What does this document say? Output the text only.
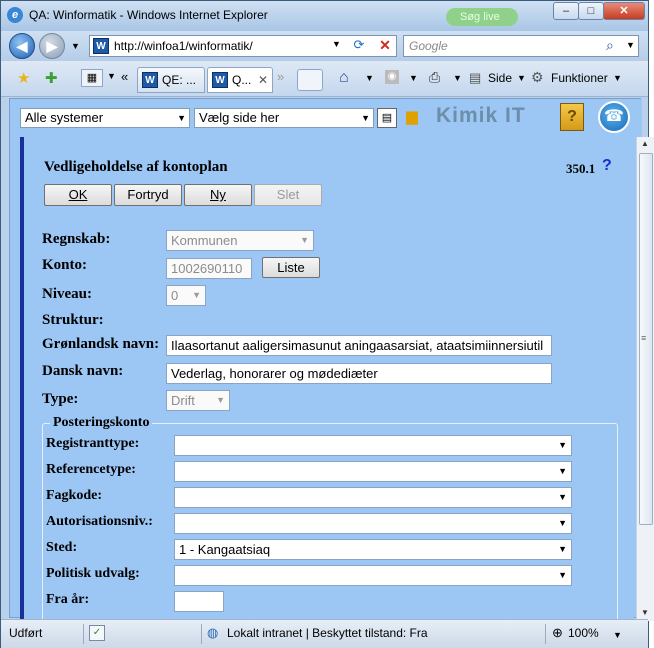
e QA: Winformatik - Windows Internet Explorer	Søg live	–	□	✕
◀	▶	▼	W http://winfoa1/winformatik/	▼ ⟳	✕	Google	⌕ ▼
★ ✚	▦	▼ «	W QE: ...	W Q... ✕ »	⌂ ▼ ◉ ▼ ⎙ ▼ ▤ Side ▼ ⚙ Funktioner ▼
Alle systemer	▼	Vælg side her	▼	▤ ▆ Kimik IT	?	☎
Vedligeholdelse af kontoplan	350.1 ?
OK	Fortryd	Ny	Slet
Regnskab:	Kommunen	▼
Konto:	1002690110	Liste
Niveau:	0 ▼
Struktur:
Grønlandsk navn: Ilaasortanut aaligersimasunut aningaasarsiat, ataatsimiinnersiutil
Dansk navn:	Vederlag, honorarer og mødediæter
Type:	Drift ▼
Posteringskonto
Registranttype:	▼
Referencetype:	▼
Fagkode:	▼
Autorisationsniv.:	▼
Sted:	1 - Kangaatsiaq	▼
Politisk udvalg:	▼
Fra år:
▲
≡
▼
Udført	✓	◍ Lokalt intranet | Beskyttet tilstand: Fra	⊕ 100% ▼
